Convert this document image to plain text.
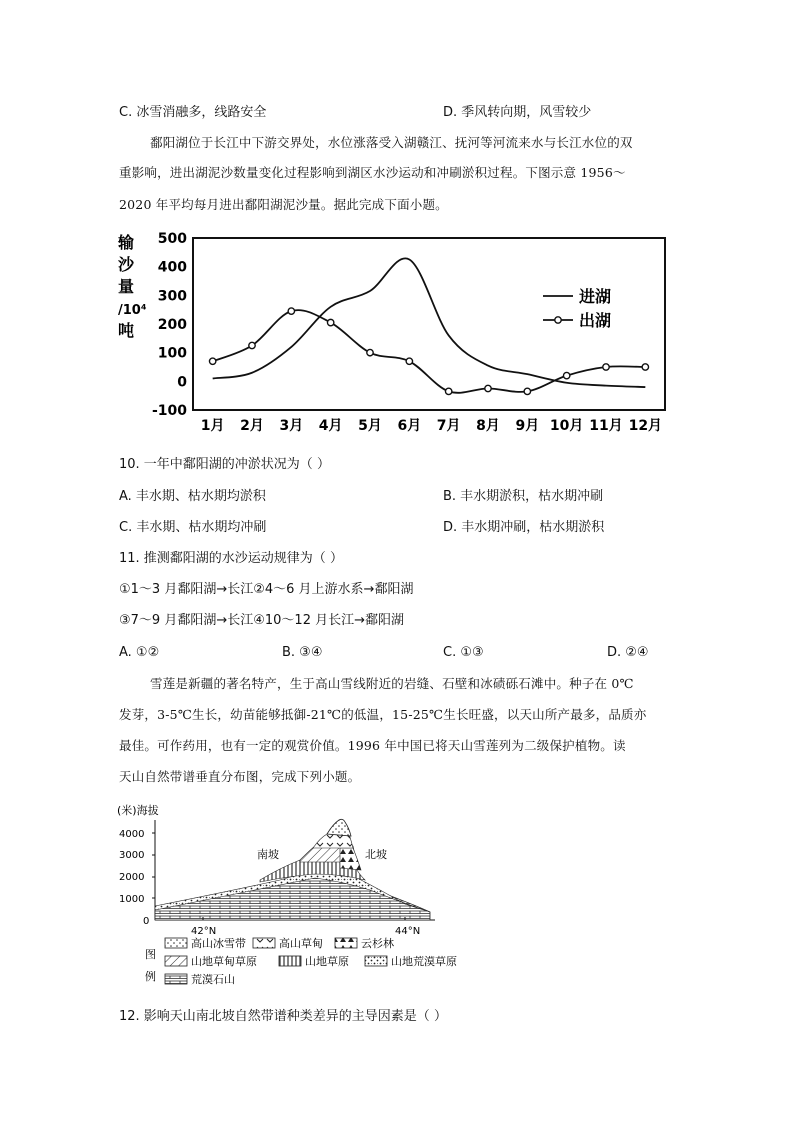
C. 冰雪消融多，线路安全	D. 季风转向期，风雪较少
鄱阳湖位于长江中下游交界处，水位涨落受入湖赣江、抚河等河流来水与长江水位的双
重影响，进出湖泥沙数量变化过程影响到湖区水沙运动和冲刷淤积过程。下图示意 1956～
2020 年平均每月进出鄱阳湖泥沙量。据此完成下面小题。
输
沙
量
/10⁴
吨
500
400
300
200
100
0
-100
1月 2月 3月 4月 5月 6月 7月 8月 9月 10月 11月 12月
进湖
出湖
10. 一年中鄱阳湖的冲淤状况为（ ）
A. 丰水期、枯水期均淤积	B. 丰水期淤积，枯水期冲刷
C. 丰水期、枯水期均冲刷	D. 丰水期冲刷，枯水期淤积
11. 推测鄱阳湖的水沙运动规律为（ ）
①1～3 月鄱阳湖→长江②4～6 月上游水系→鄱阳湖
③7～9 月鄱阳湖→长江④10～12 月长江→鄱阳湖
A. ①②	B. ③④	C. ①③	D. ②④
雪莲是新疆的著名特产，生于高山雪线附近的岩缝、石壁和冰碛砾石滩中。种子在 0℃
发芽，3-5℃生长，幼苗能够抵御-21℃的低温，15-25℃生长旺盛，以天山所产最多，品质亦
最佳。可作药用，也有一定的观赏价值。1996 年中国已将天山雪莲列为二级保护植物。读
天山自然带谱垂直分布图，完成下列小题。
(米)海拔
4000
3000
2000
1000
0
南坡	北坡
42°N	44°N
图
例
高山冰雪带	高山草甸	云杉林
山地草甸草原	山地草原	山地荒漠草原
荒漠石山
12. 影响天山南北坡自然带谱种类差异的主导因素是（ ）
